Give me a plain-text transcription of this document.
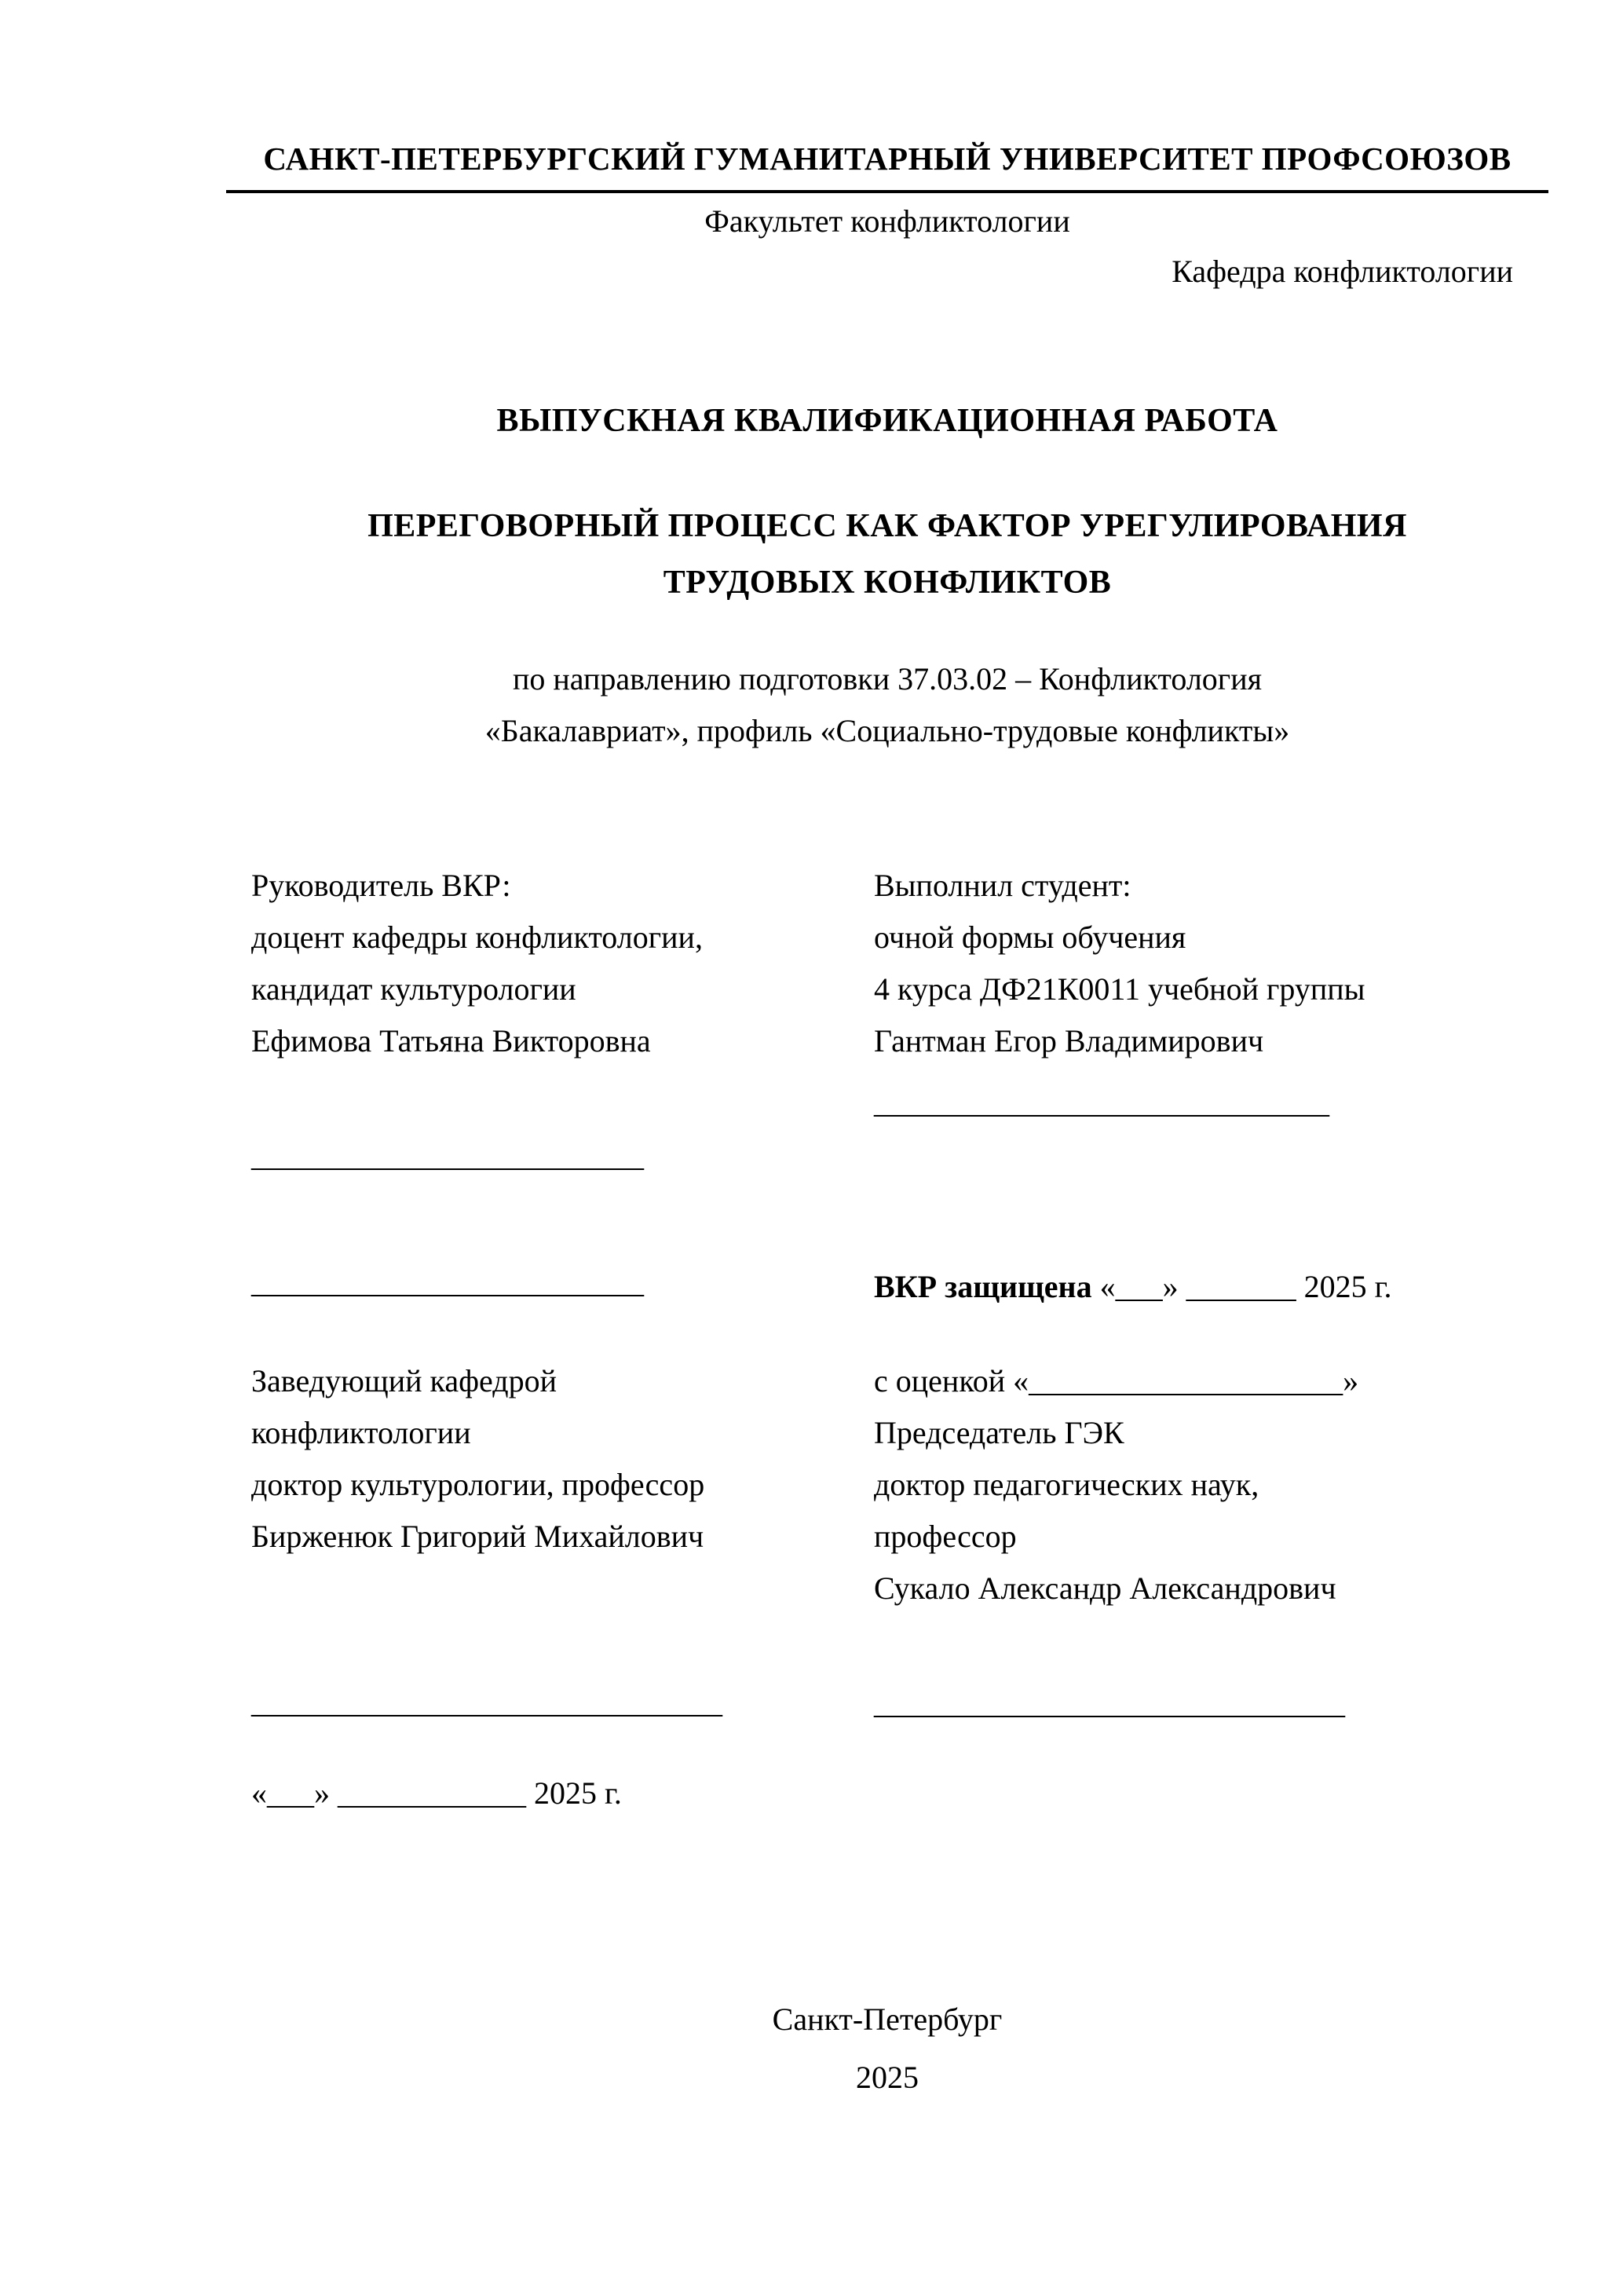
САНКТ-ПЕТЕРБУРГСКИЙ ГУМАНИТАРНЫЙ УНИВЕРСИТЕТ ПРОФСОЮЗОВ
Факультет конфликтологии
Кафедра конфликтологии
ВЫПУСКНАЯ КВАЛИФИКАЦИОННАЯ РАБОТА
ПЕРЕГОВОРНЫЙ ПРОЦЕСС КАК ФАКТОР УРЕГУЛИРОВАНИЯ
ТРУДОВЫХ КОНФЛИКТОВ
по направлению подготовки 37.03.02 – Конфликтология
«Бакалавриат», профиль «Социально-трудовые конфликты»
Руководитель ВКР:
доцент кафедры конфликтологии,
кандидат культурологии
Ефимова Татьяна Викторовна
_________________________
_________________________
Заведующий кафедрой
конфликтологии
доктор культурологии, профессор
Бирженюк Григорий Михайлович
______________________________
«___» ____________ 2025 г.
Выполнил студент:
очной формы обучения
4 курса ДФ21К0011 учебной группы
Гантман Егор Владимирович
_____________________________
ВКР защищена «___» _______ 2025 г.
с оценкой «____________________»
Председатель ГЭК
доктор педагогических наук,
профессор
Сукало Александр Александрович
______________________________
Санкт-Петербург
2025
